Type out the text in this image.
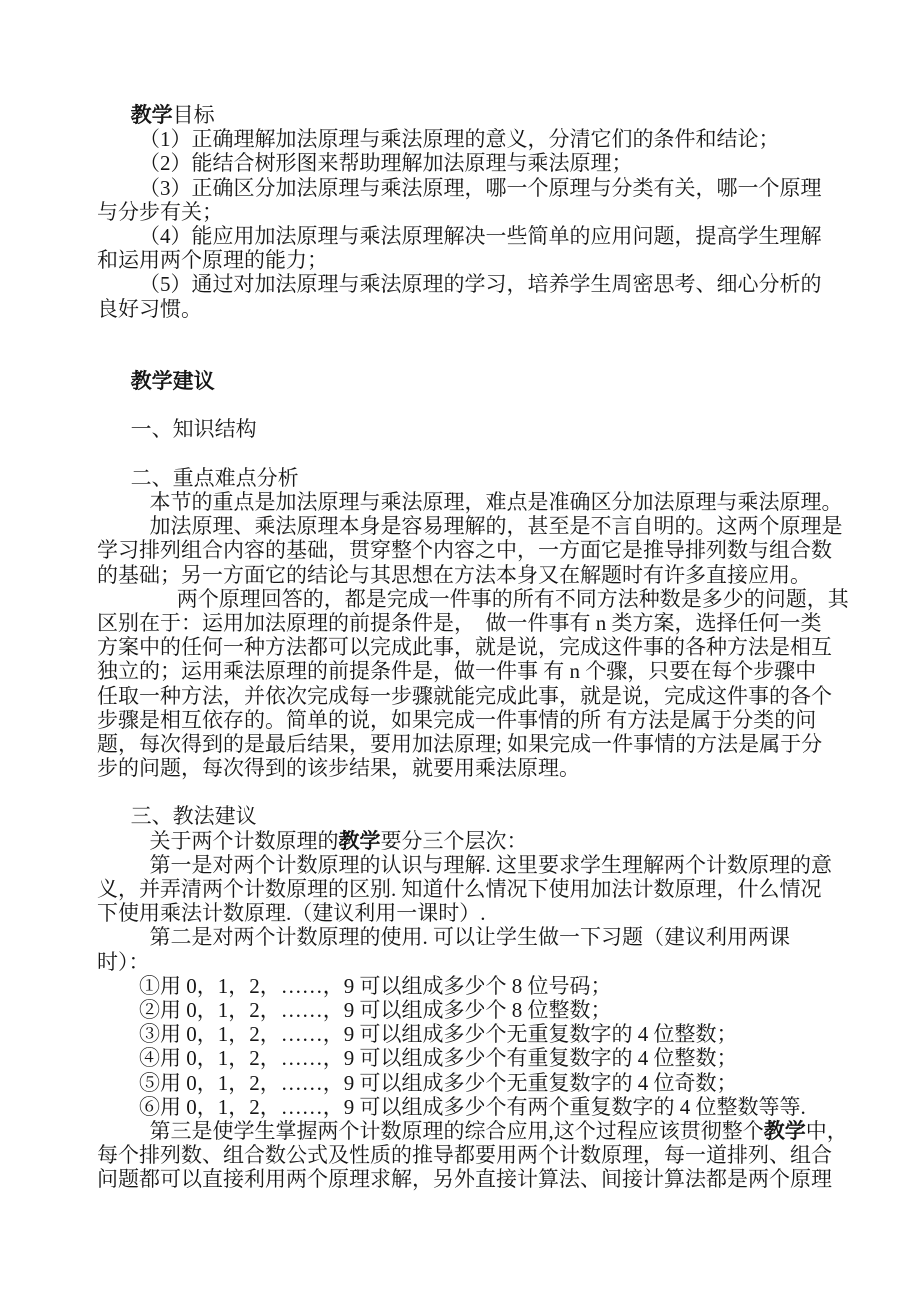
教学目标
（1）正确理解加法原理与乘法原理的意义，分清它们的条件和结论；
（2）能结合树形图来帮助理解加法原理与乘法原理；
（3）正确区分加法原理与乘法原理，哪一个原理与分类有关，哪一个原理
与分步有关；
（4）能应用加法原理与乘法原理解决一些简单的应用问题，提高学生理解
和运用两个原理的能力；
（5）通过对加法原理与乘法原理的学习，培养学生周密思考、细心分析的
良好习惯。

教学建议

一、知识结构

二、重点难点分析
本节的重点是加法原理与乘法原理，难点是准确区分加法原理与乘法原理。
加法原理、乘法原理本身是容易理解的，甚至是不言自明的。这两个原理是
学习排列组合内容的基础，贯穿整个内容之中，一方面它是推导排列数与组合数
的基础；另一方面它的结论与其思想在方法本身又在解题时有许多直接应用。
两个原理回答的，都是完成一件事的所有不同方法种数是多少的问题，其
区别在于：运用加法原理的前提条件是，　做一件事有 n 类方案，选择任何一类
方案中的任何一种方法都可以完成此事，就是说，完成这件事的各种方法是相互
独立的；运用乘法原理的前提条件是，做一件事 有 n 个骤，只要在每个步骤中
任取一种方法，并依次完成每一步骤就能完成此事，就是说，完成这件事的各个
步骤是相互依存的。简单的说，如果完成一件事情的所 有方法是属于分类的问
题，每次得到的是最后结果，要用加法原理; 如果完成一件事情的方法是属于分
步的问题，每次得到的该步结果，就要用乘法原理。

三、教法建议
关于两个计数原理的教学要分三个层次：
第一是对两个计数原理的认识与理解. 这里要求学生理解两个计数原理的意
义，并弄清两个计数原理的区别. 知道什么情况下使用加法计数原理，什么情况
下使用乘法计数原理.（建议利用一课时）.
第二是对两个计数原理的使用. 可以让学生做一下习题（建议利用两课
时）：
①用 0，1，2，……，9 可以组成多少个 8 位号码；
②用 0，1，2，……，9 可以组成多少个 8 位整数；
③用 0，1，2，……，9 可以组成多少个无重复数字的 4 位整数；
④用 0，1，2，……，9 可以组成多少个有重复数字的 4 位整数；
⑤用 0，1，2，……，9 可以组成多少个无重复数字的 4 位奇数；
⑥用 0，1，2，……，9 可以组成多少个有两个重复数字的 4 位整数等等.
第三是使学生掌握两个计数原理的综合应用,这个过程应该贯彻整个教学中，
每个排列数、组合数公式及性质的推导都要用两个计数原理，每一道排列、组合
问题都可以直接利用两个原理求解，另外直接计算法、间接计算法都是两个原理
